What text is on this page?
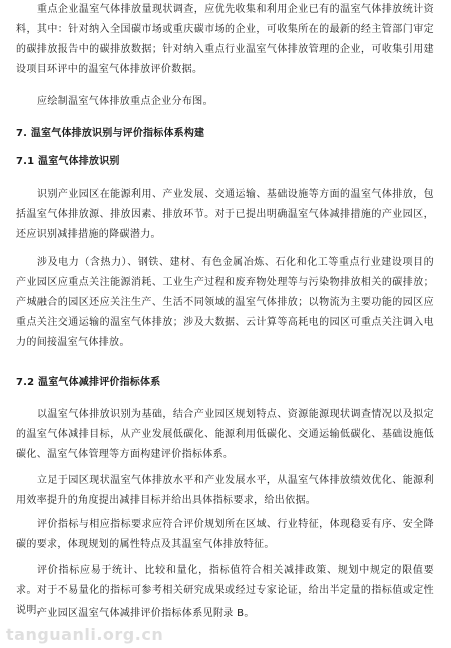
重点企业温室气体排放量现状调查，应优先收集和利用企业已有的温室气体排放统计资料，其中：针对纳入全国碳市场或重庆碳市场的企业，可收集所在的最新的经主管部门审定的碳排放报告中的碳排放数据；针对纳入重点行业温室气体排放管理的企业，可收集引用建设项目环评中的温室气体排放评价数据。

应绘制温室气体排放重点企业分布图。

7. 温室气体排放识别与评价指标体系构建
7.1 温室气体排放识别

识别产业园区在能源利用、产业发展、交通运输、基础设施等方面的温室气体排放，包括温室气体排放源、排放因素、排放环节。对于已提出明确温室气体减排措施的产业园区，还应识别减排措施的降碳潜力。

涉及电力（含热力）、钢铁、建材、有色金属冶炼、石化和化工等重点行业建设项目的产业园区应重点关注能源消耗、工业生产过程和废弃物处理等与污染物排放相关的碳排放；产城融合的园区还应关注生产、生活不同领域的温室气体排放；以物流为主要功能的园区应重点关注交通运输的温室气体排放；涉及大数据、云计算等高耗电的园区可重点关注调入电力的间接温室气体排放。

7.2 温室气体减排评价指标体系

以温室气体排放识别为基础，结合产业园区规划特点、资源能源现状调查情况以及拟定的温室气体减排目标，从产业发展低碳化、能源利用低碳化、交通运输低碳化、基础设施低碳化、温室气体管理等方面构建评价指标体系。

立足于园区现状温室气体排放水平和产业发展水平，从温室气体排放绩效优化、能源利用效率提升的角度提出减排目标并给出具体指标要求，给出依据。

评价指标与相应指标要求应符合评价规划所在区域、行业特征，体现稳妥有序、安全降碳的要求，体现规划的属性特点及其温室气体排放特征。

评价指标应易于统计、比较和量化，指标值符合相关减排政策、规划中规定的限值要求。对于不易量化的指标可参考相关研究成果或经过专家论证，给出半定量的指标值或定性说明。

产业园区温室气体减排评价指标体系见附录 B。

tanguanli.org.cn
